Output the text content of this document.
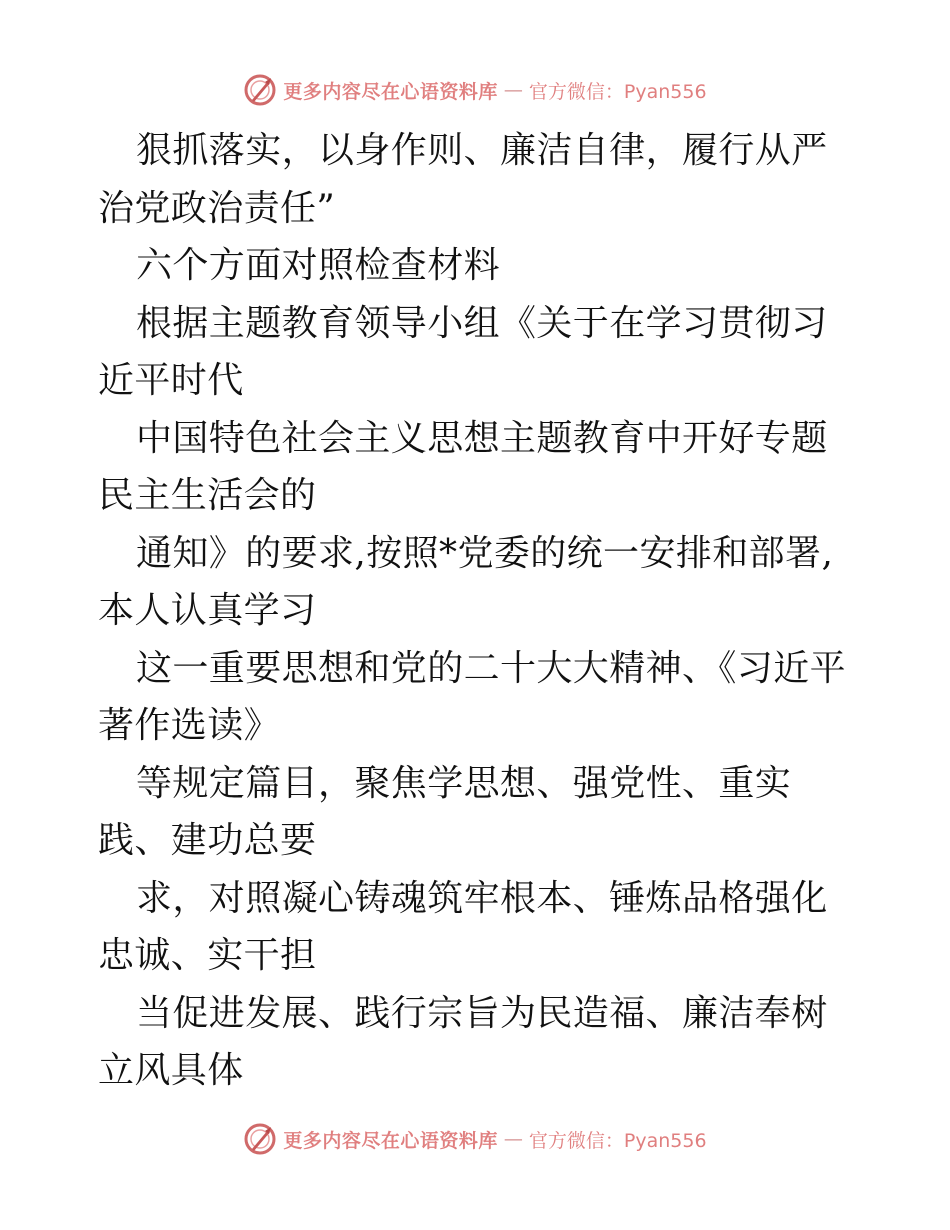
更多内容尽在心语资料库 — 官方微信：Pyan556

狠抓落实，以身作则、廉洁自律，履行从严治党政治责任”

六个方面对照检查材料

根据主题教育领导小组《关于在学习贯彻习近平时代

中国特色社会主义思想主题教育中开好专题民主生活会的

通知》的要求,按照*党委的统一安排和部署,本人认真学习

这一重要思想和党的二十大大精神、《习近平著作选读》

等规定篇目，聚焦学思想、强党性、重实践、建功总要

求，对照凝心铸魂筑牢根本、锤炼品格强化忠诚、实干担

当促进发展、践行宗旨为民造福、廉洁奉树立风具体

更多内容尽在心语资料库 — 官方微信：Pyan556
